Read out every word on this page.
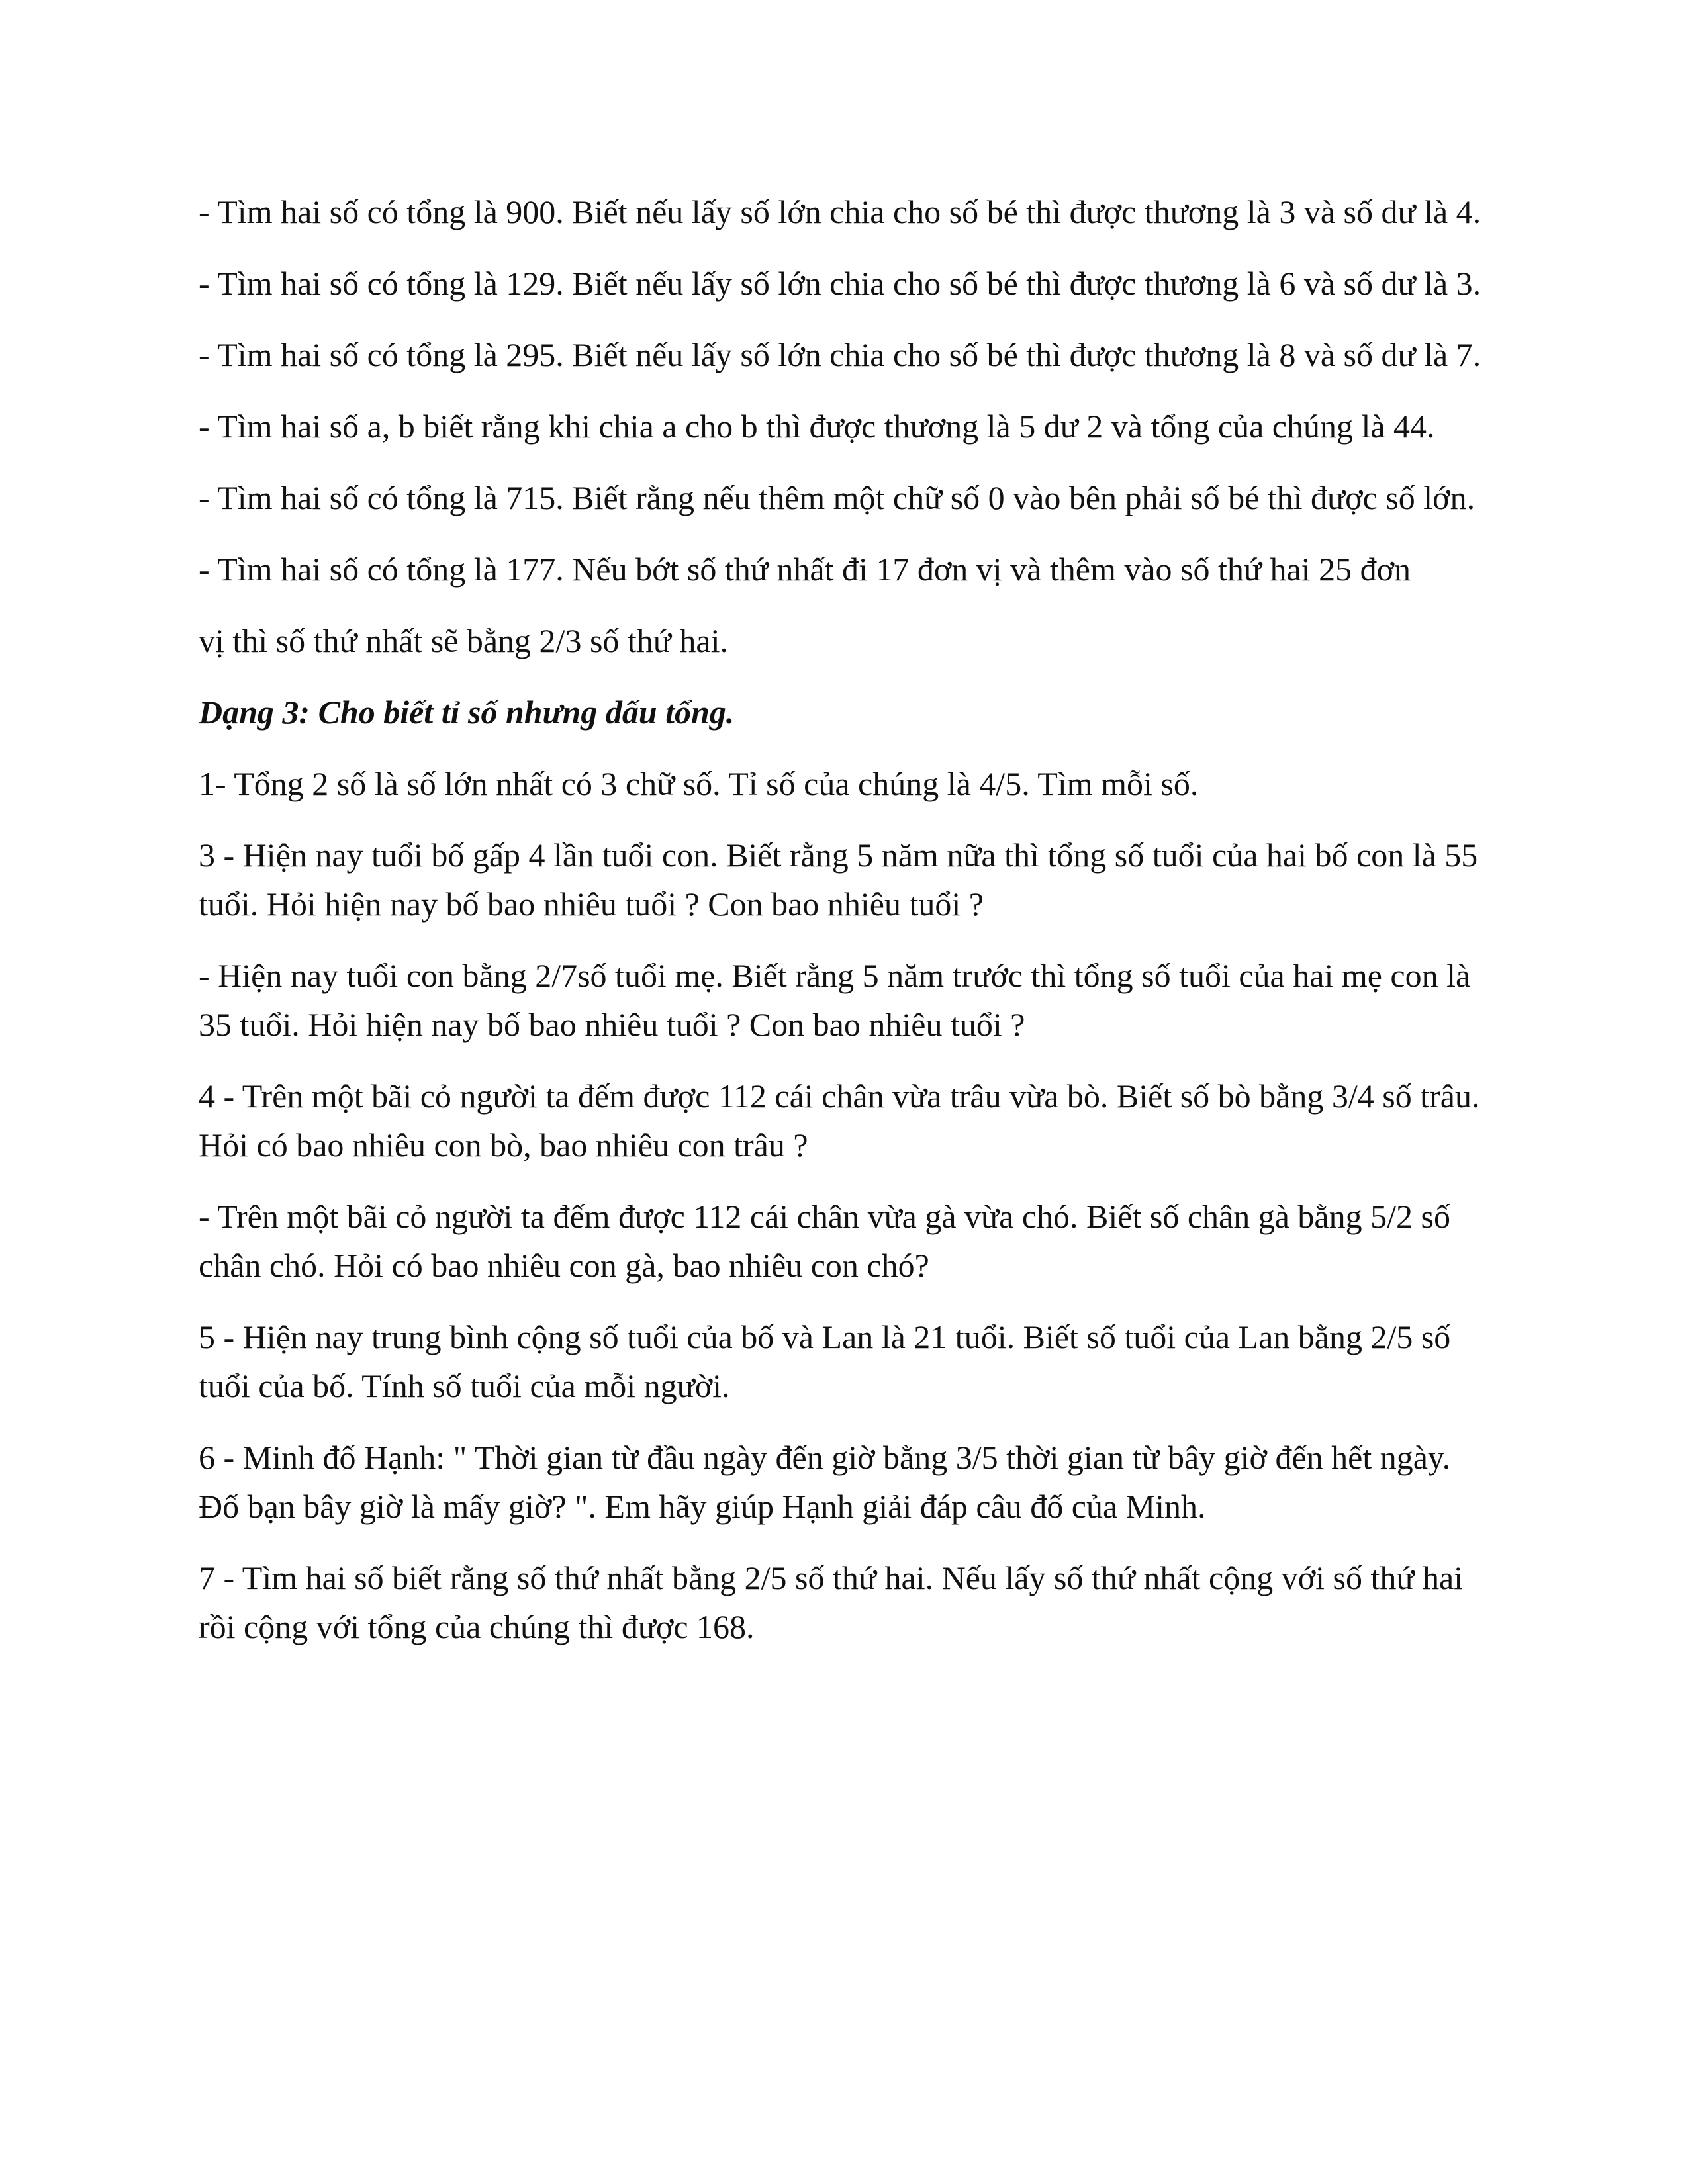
- Tìm hai số có tổng là 900. Biết nếu lấy số lớn chia cho số bé thì được thương là 3 và số dư là 4.

- Tìm hai số có tổng là 129. Biết nếu lấy số lớn chia cho số bé thì được thương là 6 và số dư là 3.

- Tìm hai số có tổng là 295. Biết nếu lấy số lớn chia cho số bé thì được thương là 8 và số dư là 7.

- Tìm hai số a, b biết rằng khi chia a cho b thì được thương là 5 dư 2 và tổng của chúng là 44.

- Tìm hai số có tổng là 715. Biết rằng nếu thêm một chữ số 0 vào bên phải số bé thì được số lớn.

- Tìm hai số có tổng là 177. Nếu bớt số thứ nhất đi 17 đơn vị và thêm vào số thứ hai 25 đơn

vị thì số thứ nhất sẽ bằng 2/3 số thứ hai.

Dạng 3: Cho biết tỉ số nhưng dấu tổng.

1- Tổng 2 số là số lớn nhất có 3 chữ số. Tỉ số của chúng là 4/5. Tìm mỗi số.

3 - Hiện nay tuổi bố gấp 4 lần tuổi con. Biết rằng 5 năm nữa thì tổng số tuổi của hai bố con là 55 tuổi. Hỏi hiện nay bố bao nhiêu tuổi ? Con bao nhiêu tuổi ?

- Hiện nay tuổi con bằng 2/7số tuổi mẹ. Biết rằng 5 năm trước thì tổng số tuổi của hai mẹ con là 35 tuổi. Hỏi hiện nay bố bao nhiêu tuổi ? Con bao nhiêu tuổi ?

4 - Trên một bãi cỏ người ta đếm được 112 cái chân vừa trâu vừa bò. Biết số bò bằng 3/4 số trâu. Hỏi có bao nhiêu con bò, bao nhiêu con trâu ?

- Trên một bãi cỏ người ta đếm được 112 cái chân vừa gà vừa chó. Biết số chân gà bằng 5/2 số chân chó. Hỏi có bao nhiêu con gà, bao nhiêu con chó?

5 - Hiện nay trung bình cộng số tuổi của bố và Lan là 21 tuổi. Biết số tuổi của Lan bằng 2/5 số tuổi của bố. Tính số tuổi của mỗi người.

6 - Minh đố Hạnh: " Thời gian từ đầu ngày đến giờ bằng 3/5 thời gian từ bây giờ đến hết ngày. Đố bạn bây giờ là mấy giờ? ". Em hãy giúp Hạnh giải đáp câu đố của Minh.

7 - Tìm hai số biết rằng số thứ nhất bằng 2/5 số thứ hai. Nếu lấy số thứ nhất cộng với số thứ hai rồi cộng với tổng của chúng thì được 168.
